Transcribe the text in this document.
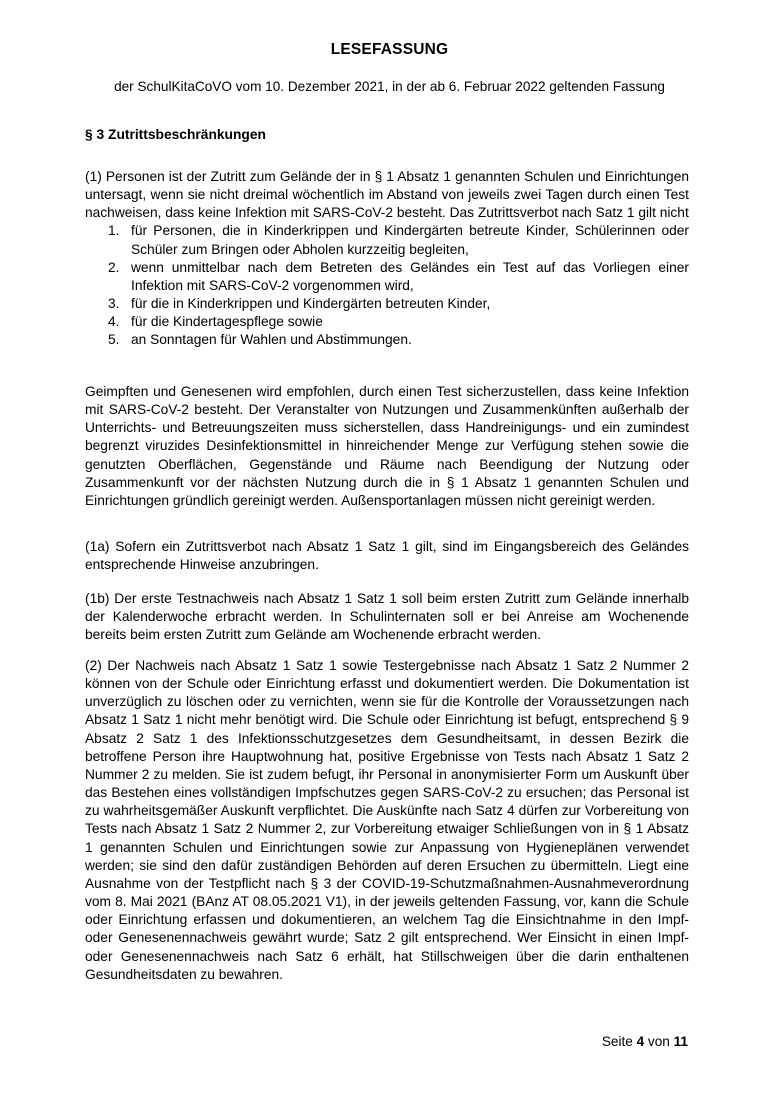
LESEFASSUNG
der SchulKitaCoVO vom 10. Dezember 2021, in der ab 6. Februar 2022 geltenden Fassung
§ 3 Zutrittsbeschränkungen
(1) Personen ist der Zutritt zum Gelände der in § 1 Absatz 1 genannten Schulen und Einrichtungen untersagt, wenn sie nicht dreimal wöchentlich im Abstand von jeweils zwei Tagen durch einen Test nachweisen, dass keine Infektion mit SARS-CoV-2 besteht. Das Zutrittsverbot nach Satz 1 gilt nicht
1. für Personen, die in Kinderkrippen und Kindergärten betreute Kinder, Schülerinnen oder Schüler zum Bringen oder Abholen kurzzeitig begleiten,
2. wenn unmittelbar nach dem Betreten des Geländes ein Test auf das Vorliegen einer Infektion mit SARS-CoV-2 vorgenommen wird,
3. für die in Kinderkrippen und Kindergärten betreuten Kinder,
4. für die Kindertagespflege sowie
5. an Sonntagen für Wahlen und Abstimmungen.
Geimpften und Genesenen wird empfohlen, durch einen Test sicherzustellen, dass keine Infektion mit SARS-CoV-2 besteht. Der Veranstalter von Nutzungen und Zusammenkünften außerhalb der Unterrichts- und Betreuungszeiten muss sicherstellen, dass Handreinigungs- und ein zumindest begrenzt viruzides Desinfektionsmittel in hinreichender Menge zur Verfügung stehen sowie die genutzten Oberflächen, Gegenstände und Räume nach Beendigung der Nutzung oder Zusammenkunft vor der nächsten Nutzung durch die in § 1 Absatz 1 genannten Schulen und Einrichtungen gründlich gereinigt werden. Außensportanlagen müssen nicht gereinigt werden.
(1a) Sofern ein Zutrittsverbot nach Absatz 1 Satz 1 gilt, sind im Eingangsbereich des Geländes entsprechende Hinweise anzubringen.
(1b) Der erste Testnachweis nach Absatz 1 Satz 1 soll beim ersten Zutritt zum Gelände innerhalb der Kalenderwoche erbracht werden. In Schulinternaten soll er bei Anreise am Wochenende bereits beim ersten Zutritt zum Gelände am Wochenende erbracht werden.
(2) Der Nachweis nach Absatz 1 Satz 1 sowie Testergebnisse nach Absatz 1 Satz 2 Nummer 2 können von der Schule oder Einrichtung erfasst und dokumentiert werden. Die Dokumentation ist unverzüglich zu löschen oder zu vernichten, wenn sie für die Kontrolle der Voraussetzungen nach Absatz 1 Satz 1 nicht mehr benötigt wird. Die Schule oder Einrichtung ist befugt, entsprechend § 9 Absatz 2 Satz 1 des Infektionsschutzgesetzes dem Gesundheitsamt, in dessen Bezirk die betroffene Person ihre Hauptwohnung hat, positive Ergebnisse von Tests nach Absatz 1 Satz 2 Nummer 2 zu melden. Sie ist zudem befugt, ihr Personal in anonymisierter Form um Auskunft über das Bestehen eines vollständigen Impfschutzes gegen SARS-CoV-2 zu ersuchen; das Personal ist zu wahrheitsgemäßer Auskunft verpflichtet. Die Auskünfte nach Satz 4 dürfen zur Vorbereitung von Tests nach Absatz 1 Satz 2 Nummer 2, zur Vorbereitung etwaiger Schließungen von in § 1 Absatz 1 genannten Schulen und Einrichtungen sowie zur Anpassung von Hygieneplänen verwendet werden; sie sind den dafür zuständigen Behörden auf deren Ersuchen zu übermitteln. Liegt eine Ausnahme von der Testpflicht nach § 3 der COVID-19-Schutzmaßnahmen-Ausnahmeverordnung vom 8. Mai 2021 (BAnz AT 08.05.2021 V1), in der jeweils geltenden Fassung, vor, kann die Schule oder Einrichtung erfassen und dokumentieren, an welchem Tag die Einsichtnahme in den Impf- oder Genesenennachweis gewährt wurde; Satz 2 gilt entsprechend. Wer Einsicht in einen Impf- oder Genesenennachweis nach Satz 6 erhält, hat Stillschweigen über die darin enthaltenen Gesundheitsdaten zu bewahren.
Seite 4 von 11
